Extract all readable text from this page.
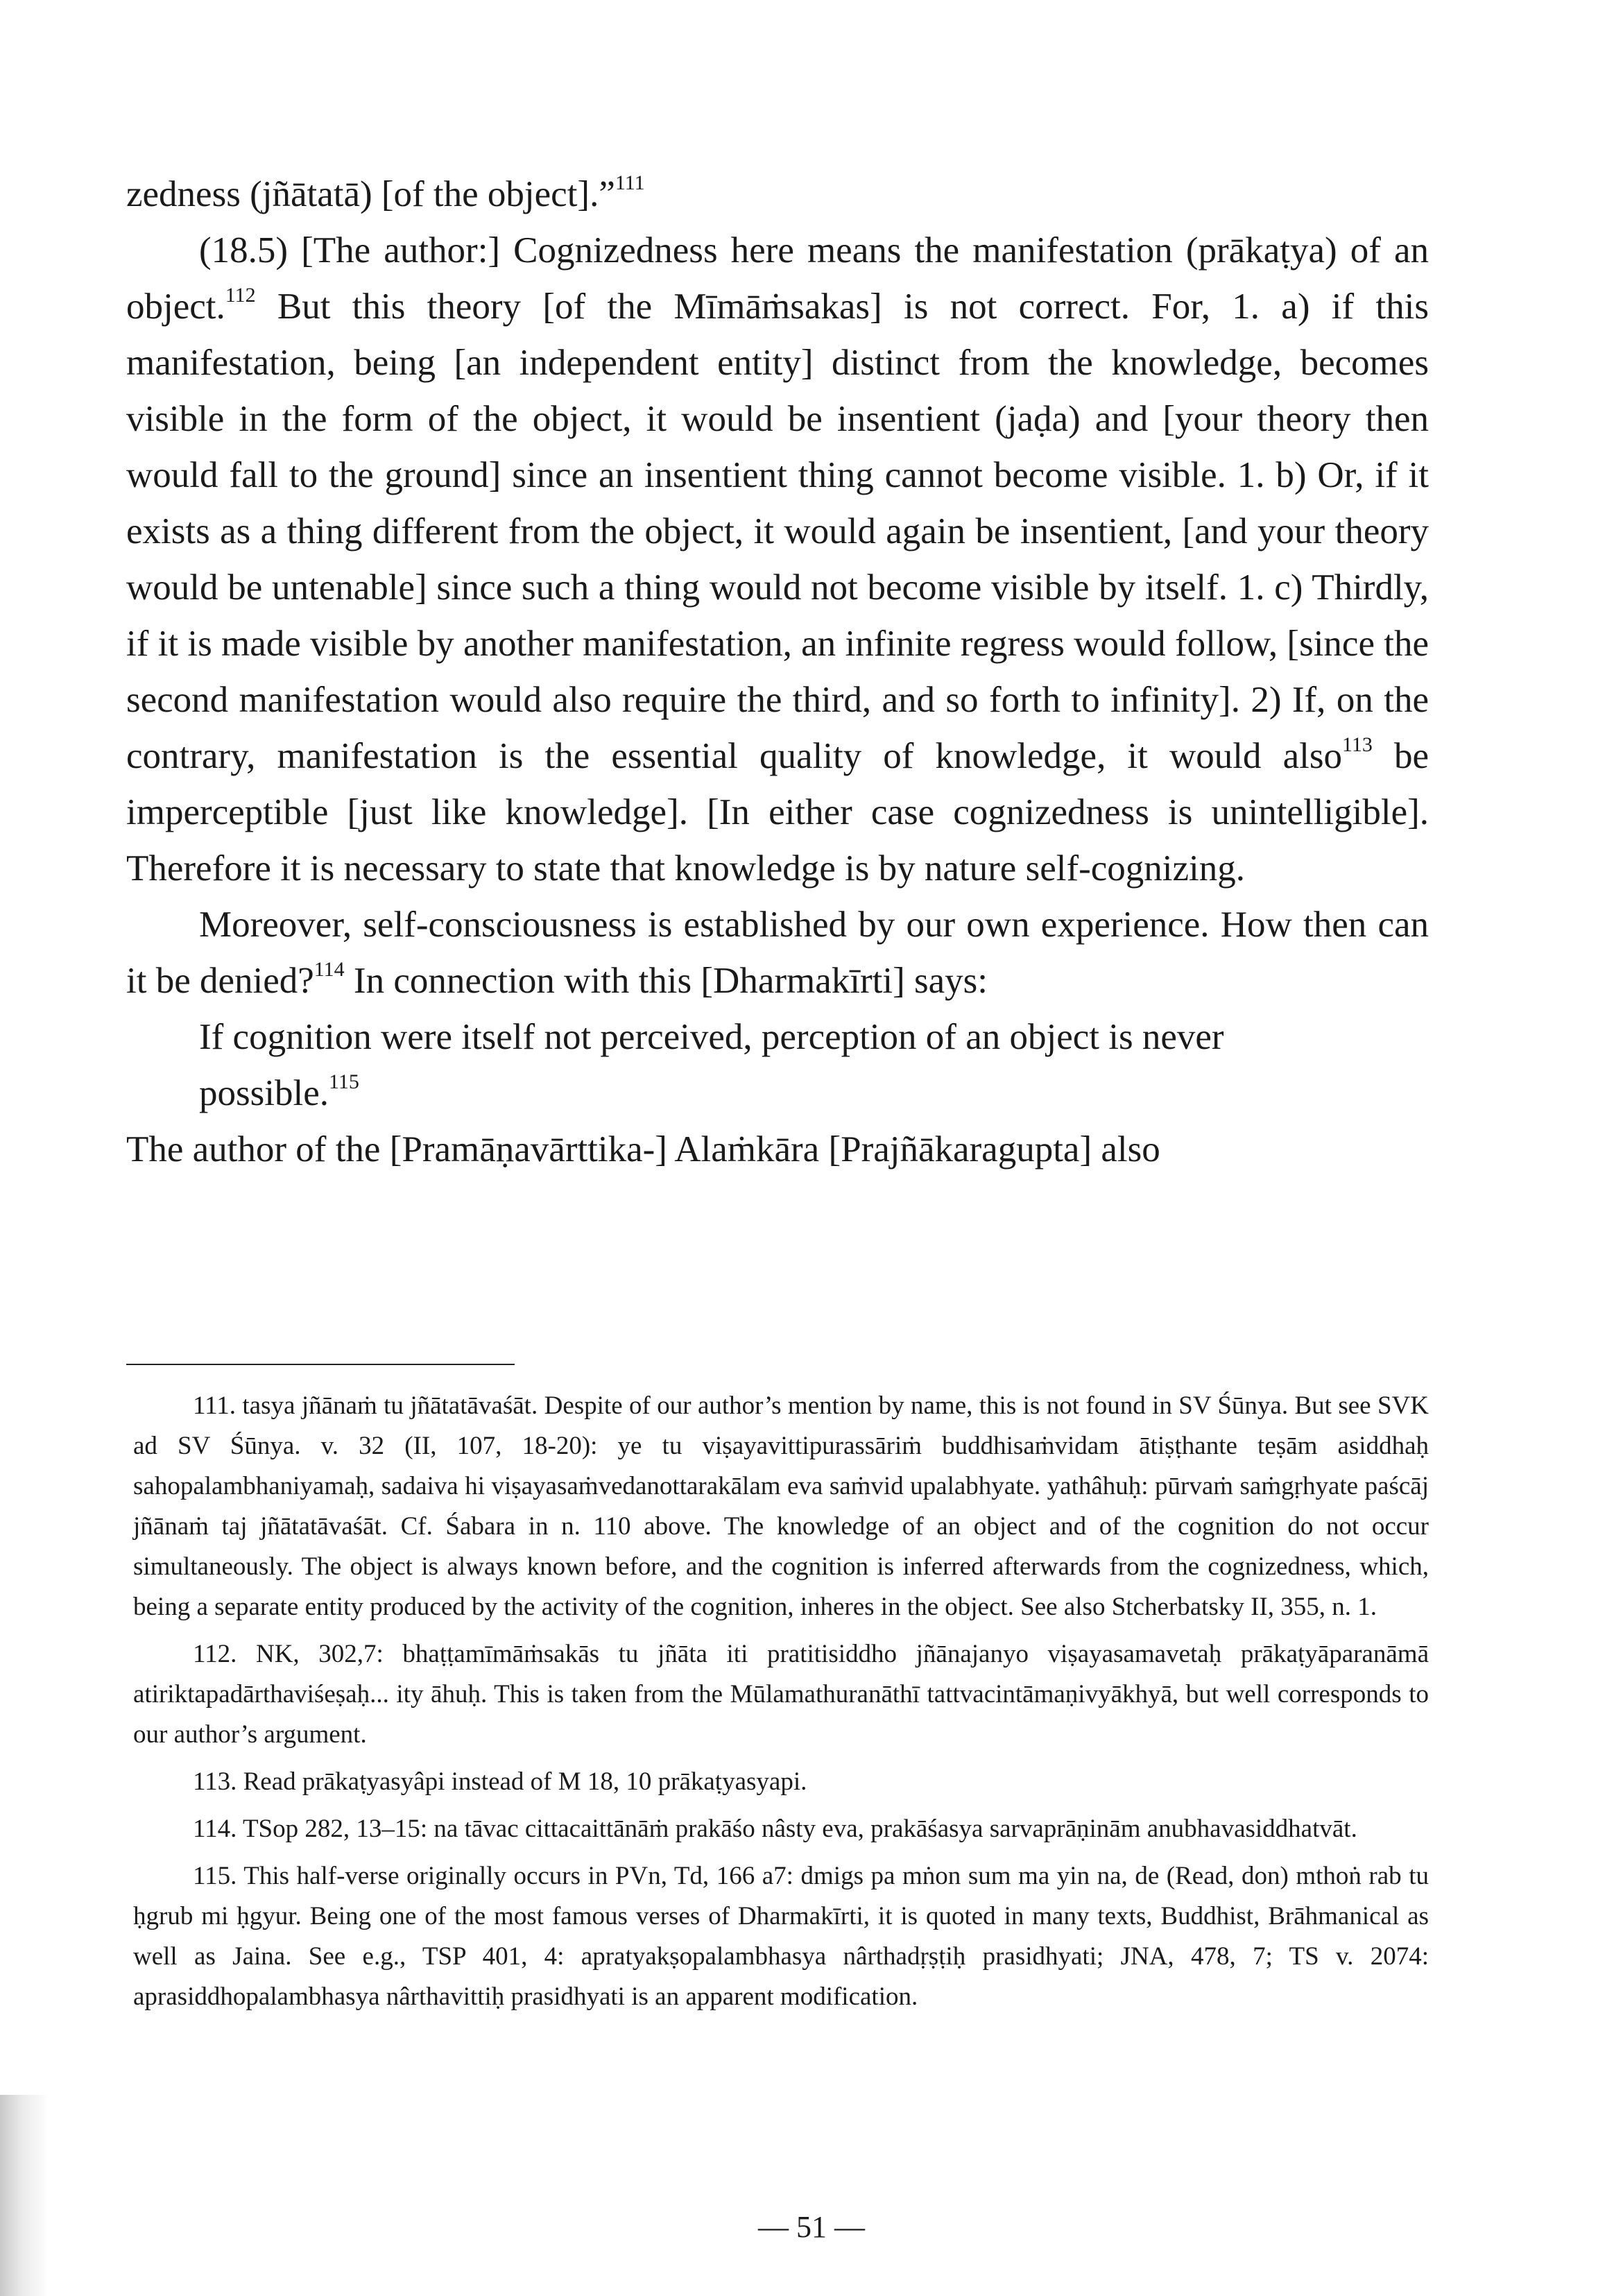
zedness (jñātatā) [of the object].”$^{111}$

(18.5) [The author:] Cognizedness here means the manifestation (prākaṭya) of an object.$^{112}$ But this theory [of the Mīmāṁsakas] is not correct. For, 1. a) if this manifestation, being [an independent entity] distinct from the knowledge, becomes visible in the form of the object, it would be insentient (jaḍa) and [your theory then would fall to the ground] since an insentient thing cannot become visible. 1. b) Or, if it exists as a thing different from the object, it would again be insentient, [and your theory would be untenable] since such a thing would not become visible by itself. 1. c) Thirdly, if it is made visible by another manifestation, an infinite regress would follow, [since the second manifestation would also require the third, and so forth to infinity]. 2) If, on the contrary, manifestation is the essential quality of knowledge, it would also$^{113}$ be imperceptible [just like knowledge]. [In either case cognizedness is unintelligible]. Therefore it is necessary to state that knowledge is by nature self-cognizing.

Moreover, self-consciousness is established by our own experience. How then can it be denied?$^{114}$ In connection with this [Dharmakīrti] says:

If cognition were itself not perceived, perception of an object is never possible.$^{115}$

The author of the [Pramāṇavārttika-] Alaṁkāra [Prajñākaragupta] also

111. tasya jñānaṁ tu jñātatāvaśāt. Despite of our author’s mention by name, this is not found in SV Śūnya. But see SVK ad SV Śūnya. v. 32 (II, 107, 18-20): ye tu viṣayavittipurassāriṁ buddhisaṁvidam ātiṣṭhante teṣām asiddhaḥ sahopalambhaniyamaḥ, sadaiva hi viṣayasaṁvedanottarakālam eva saṁvid upalabhyate. yathâhuḥ: pūrvaṁ saṁgṛhyate paścāj jñānaṁ taj jñātatāvaśāt. Cf. Śabara in n. 110 above. The knowledge of an object and of the cognition do not occur simultaneously. The object is always known before, and the cognition is inferred afterwards from the cognizedness, which, being a separate entity produced by the activity of the cognition, inheres in the object. See also Stcherbatsky II, 355, n. 1.

112. NK, 302,7: bhaṭṭamīmāṁsakās tu jñāta iti pratitisiddho jñānajanyo viṣayasamavetaḥ prākaṭyāparanāmā atiriktapadārthaviśeṣaḥ... ity āhuḥ. This is taken from the Mūlamathuranāthī tattvacintāmaṇivyākhyā, but well corresponds to our author’s argument.

113. Read prākaṭyasyâpi instead of M 18, 10 prākaṭyasyapi.

114. TSop 282, 13–15: na tāvac cittacaittānāṁ prakāśo nâsty eva, prakāśasya sarvaprāṇinām anubhavasiddhatvāt.

115. This half-verse originally occurs in PVn, Td, 166 a7: dmigs pa mṅon sum ma yin na, de (Read, don) mthoṅ rab tu ḥgrub mi ḥgyur. Being one of the most famous verses of Dharmakīrti, it is quoted in many texts, Buddhist, Brāhmanical as well as Jaina. See e.g., TSP 401, 4: apratyakṣopalambhasya nârthadṛṣṭiḥ prasidhyati; JNA, 478, 7; TS v. 2074: aprasiddhopalambhasya nârthavittiḥ prasidhyati is an apparent modification.

— 51 —
